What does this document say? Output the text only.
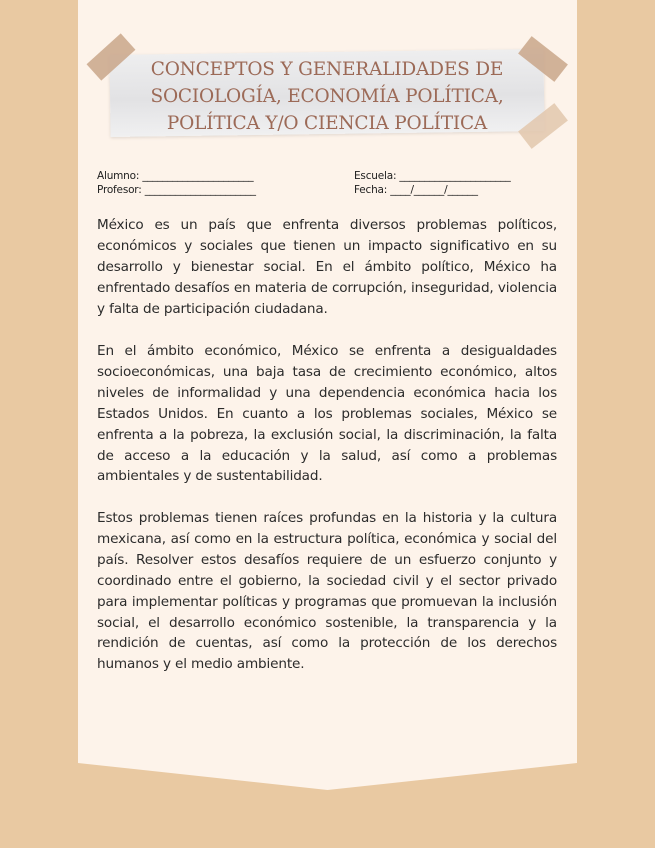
CONCEPTOS Y GENERALIDADES DE SOCIOLOGÍA, ECONOMÍA POLÍTICA, POLÍTICA Y/O CIENCIA POLÍTICA
Alumno: ______________________
Profesor: ______________________
Escuela: ______________________
Fecha: ____/______/______

México es un país que enfrenta diversos problemas políticos, económicos y sociales que tienen un impacto significativo en su desarrollo y bienestar social. En el ámbito político, México ha enfrentado desafíos en materia de corrupción, inseguridad, violencia y falta de participación ciudadana.

En el ámbito económico, México se enfrenta a desigualdades socioeconómicas, una baja tasa de crecimiento económico, altos niveles de informalidad y una dependencia económica hacia los Estados Unidos. En cuanto a los problemas sociales, México se enfrenta a la pobreza, la exclusión social, la discriminación, la falta de acceso a la educación y la salud, así como a problemas ambientales y de sustentabilidad.

Estos problemas tienen raíces profundas en la historia y la cultura mexicana, así como en la estructura política, económica y social del país. Resolver estos desafíos requiere de un esfuerzo conjunto y coordinado entre el gobierno, la sociedad civil y el sector privado para implementar políticas y programas que promuevan la inclusión social, el desarrollo económico sostenible, la transparencia y la rendición de cuentas, así como la protección de los derechos humanos y el medio ambiente.
